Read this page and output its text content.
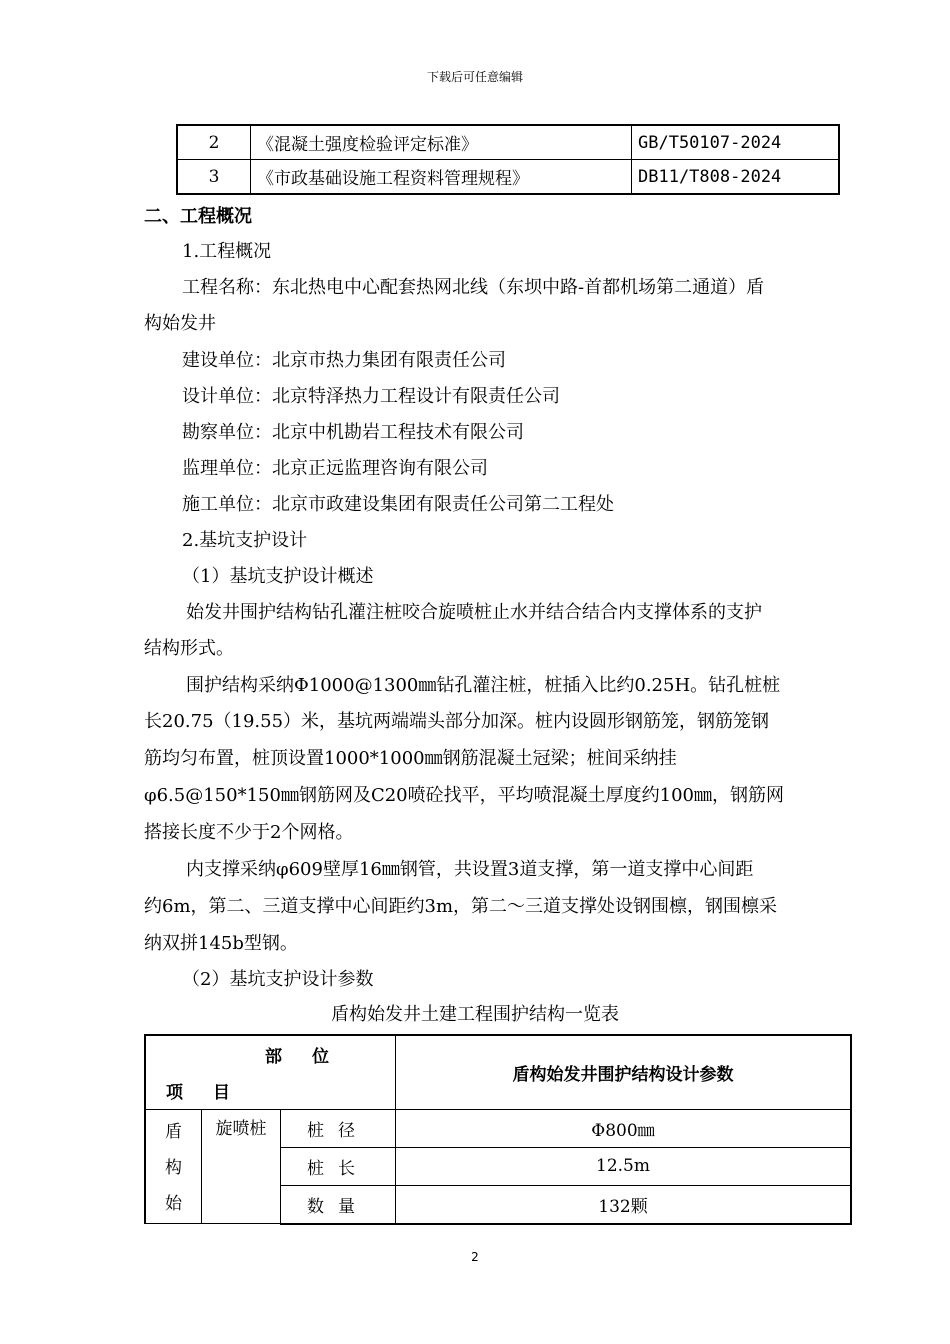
下载后可任意编辑
2	《混凝土强度检验评定标准》	GB/T50107-2024
3	《市政基础设施工程资料管理规程》	DB11/T808-2024
二、工程概况
1.工程概况
工程名称：东北热电中心配套热网北线（东坝中路-首都机场第二通道）盾
构始发井
建设单位：北京市热力集团有限责任公司
设计单位：北京特泽热力工程设计有限责任公司
勘察单位：北京中机勘岩工程技术有限公司
监理单位：北京正远监理咨询有限公司
施工单位：北京市政建设集团有限责任公司第二工程处
2.基坑支护设计
（1）基坑支护设计概述
始发井围护结构钻孔灌注桩咬合旋喷桩止水并结合结合内支撑体系的支护
结构形式。
围护结构采纳Φ1000@1300㎜钻孔灌注桩，桩插入比约0.25H。钻孔桩桩
长20.75（19.55）米，基坑两端端头部分加深。桩内设圆形钢筋笼，钢筋笼钢
筋均匀布置，桩顶设置1000*1000㎜钢筋混凝土冠梁；桩间采纳挂
φ6.5@150*150㎜钢筋网及C20喷砼找平，平均喷混凝土厚度约100㎜，钢筋网
搭接长度不少于2个网格。
内支撑采纳φ609壁厚16㎜钢管，共设置3道支撑，第一道支撑中心间距
约6m，第二、三道支撑中心间距约3m，第二～三道支撑处设钢围檩，钢围檩采
纳双拼145b型钢。
（2）基坑支护设计参数
盾构始发井土建工程围护结构一览表
部位
项目			盾构始发井围护结构设计参数

盾
构
始	旋喷桩	桩径	Φ800㎜
		桩长	12.5m
		数量	132颗
2
